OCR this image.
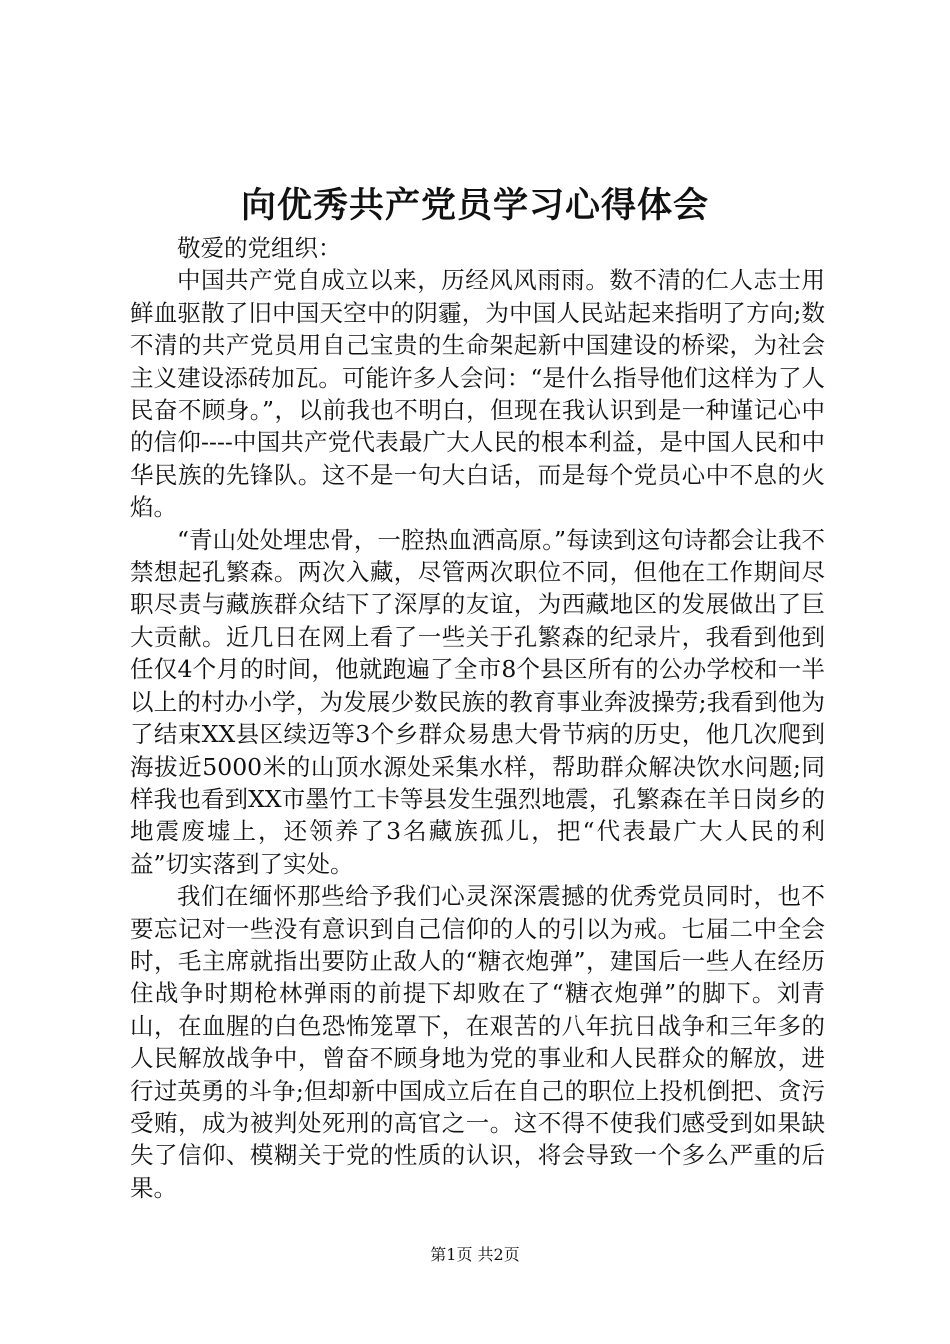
向优秀共产党员学习心得体会

敬爱的党组织：

中国共产党自成立以来，历经风风雨雨。数不清的仁人志士用鲜血驱散了旧中国天空中的阴霾，为中国人民站起来指明了方向;数不清的共产党员用自己宝贵的生命架起新中国建设的桥梁，为社会主义建设添砖加瓦。可能许多人会问：“是什么指导他们这样为了人民奋不顾身。”，以前我也不明白，但现在我认识到是一种谨记心中的信仰----中国共产党代表最广大人民的根本利益，是中国人民和中华民族的先锋队。这不是一句大白话，而是每个党员心中不息的火焰。

“青山处处埋忠骨，一腔热血洒高原。”每读到这句诗都会让我不禁想起孔繁森。两次入藏，尽管两次职位不同，但他在工作期间尽职尽责与藏族群众结下了深厚的友谊，为西藏地区的发展做出了巨大贡献。近几日在网上看了一些关于孔繁森的纪录片，我看到他到任仅4个月的时间，他就跑遍了全市8个县区所有的公办学校和一半以上的村办小学，为发展少数民族的教育事业奔波操劳;我看到他为了结束XX县区续迈等3个乡群众易患大骨节病的历史，他几次爬到海拔近5000米的山顶水源处采集水样，帮助群众解决饮水问题;同样我也看到XX市墨竹工卡等县发生强烈地震，孔繁森在羊日岗乡的地震废墟上，还领养了3名藏族孤儿，把“代表最广大人民的利益”切实落到了实处。

我们在缅怀那些给予我们心灵深深震撼的优秀党员同时，也不要忘记对一些没有意识到自己信仰的人的引以为戒。七届二中全会时，毛主席就指出要防止敌人的“糖衣炮弹”，建国后一些人在经历住战争时期枪林弹雨的前提下却败在了“糖衣炮弹”的脚下。刘青山，在血腥的白色恐怖笼罩下，在艰苦的八年抗日战争和三年多的人民解放战争中，曾奋不顾身地为党的事业和人民群众的解放，进行过英勇的斗争;但却新中国成立后在自己的职位上投机倒把、贪污受贿，成为被判处死刑的高官之一。这不得不使我们感受到如果缺失了信仰、模糊关于党的性质的认识，将会导致一个多么严重的后果。

第1页 共2页
